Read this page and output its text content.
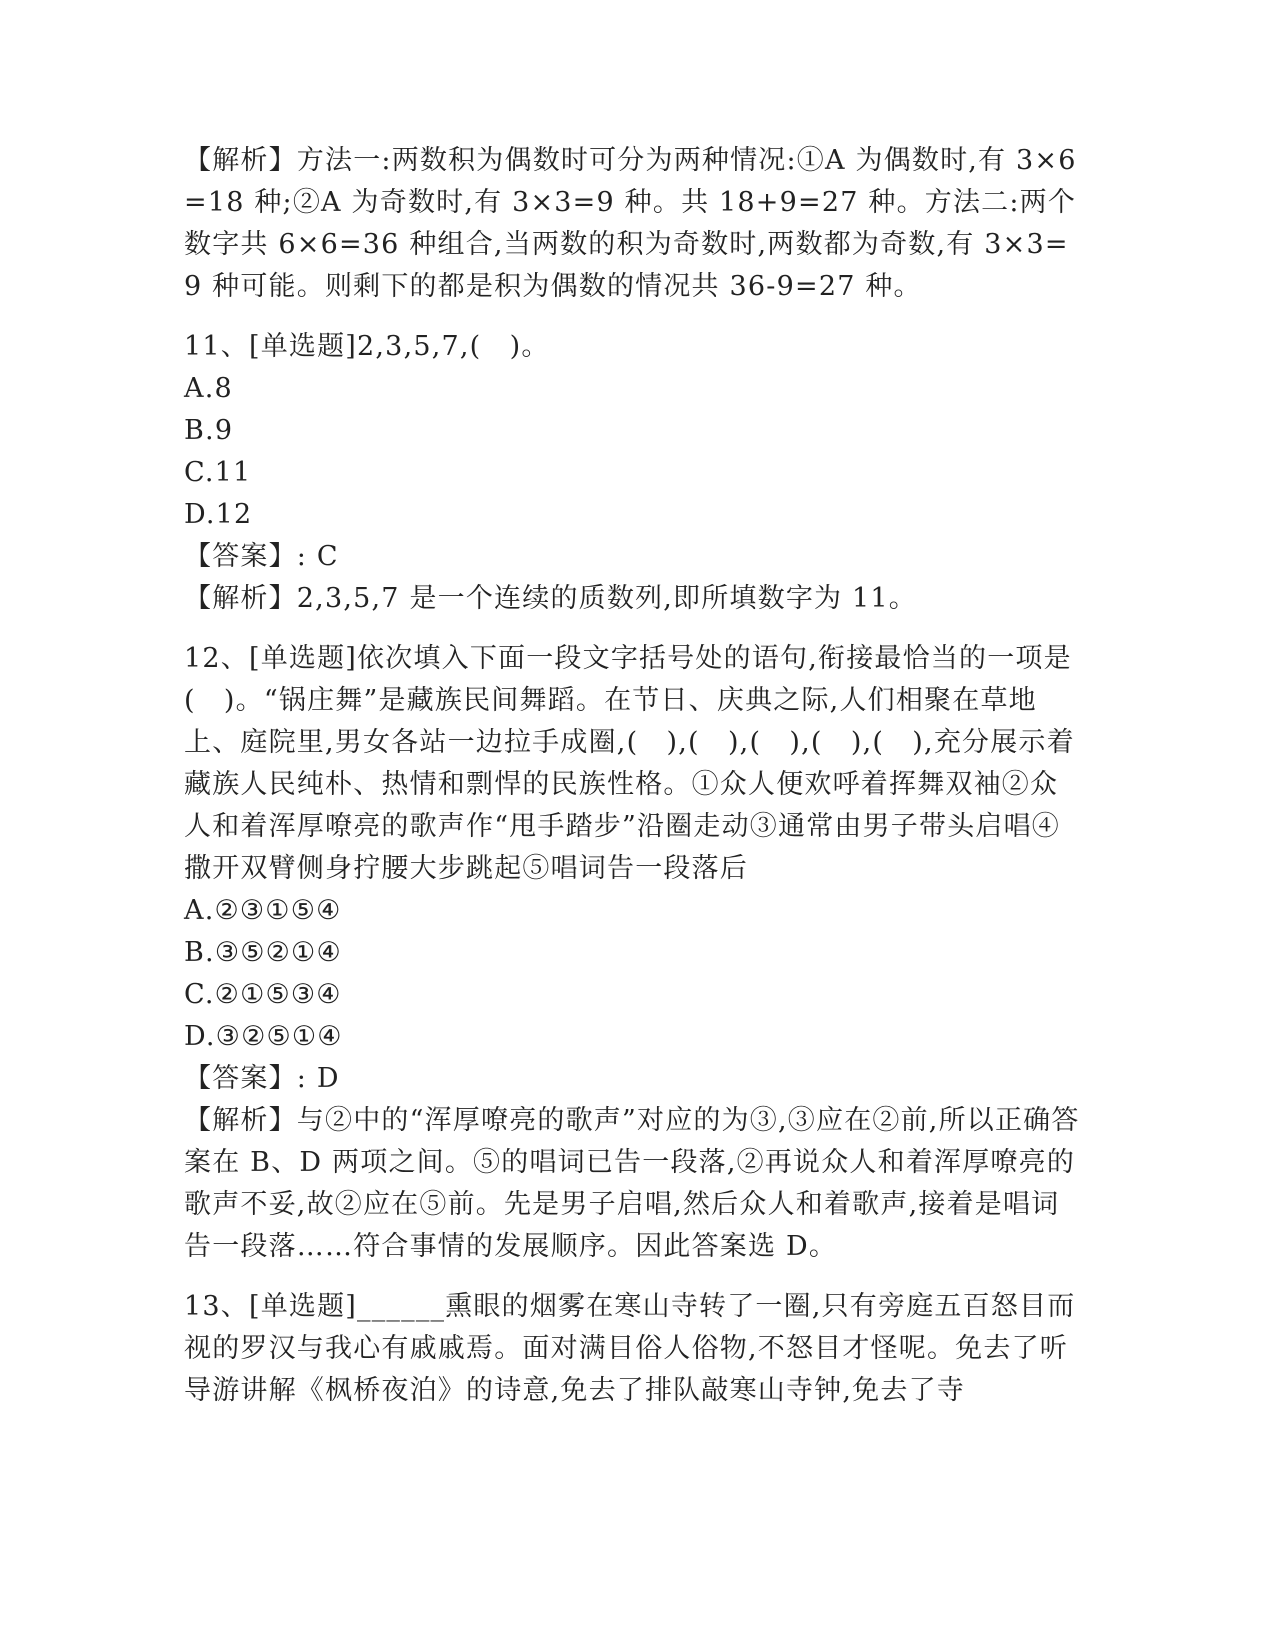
【解析】方法一:两数积为偶数时可分为两种情况:①A 为偶数时,有 3×6=18 种;②A 为奇数时,有 3×3=9 种。共 18+9=27 种。方法二:两个数字共 6×6=36 种组合,当两数的积为奇数时,两数都为奇数,有 3×3=9 种可能。则剩下的都是积为偶数的情况共 36-9=27 种。

11、[单选题]2,3,5,7,(　)。

A.8

B.9

C.11

D.12

【答案】: C

【解析】2,3,5,7 是一个连续的质数列,即所填数字为 11。

12、[单选题]依次填入下面一段文字括号处的语句,衔接最恰当的一项是(　)。“锅庄舞”是藏族民间舞蹈。在节日、庆典之际,人们相聚在草地上、庭院里,男女各站一边拉手成圈,(　),(　),(　),(　),(　),充分展示着藏族人民纯朴、热情和剽悍的民族性格。①众人便欢呼着挥舞双袖②众人和着浑厚嘹亮的歌声作“甩手踏步”沿圈走动③通常由男子带头启唱④撒开双臂侧身拧腰大步跳起⑤唱词告一段落后

A.②③①⑤④

B.③⑤②①④

C.②①⑤③④

D.③②⑤①④

【答案】: D

【解析】与②中的“浑厚嘹亮的歌声”对应的为③,③应在②前,所以正确答案在 B、D 两项之间。⑤的唱词已告一段落,②再说众人和着浑厚嘹亮的歌声不妥,故②应在⑤前。先是男子启唱,然后众人和着歌声,接着是唱词告一段落……符合事情的发展顺序。因此答案选 D。

13、[单选题]______熏眼的烟雾在寒山寺转了一圈,只有旁庭五百怒目而视的罗汉与我心有戚戚焉。面对满目俗人俗物,不怒目才怪呢。免去了听导游讲解《枫桥夜泊》的诗意,免去了排队敲寒山寺钟,免去了寺
